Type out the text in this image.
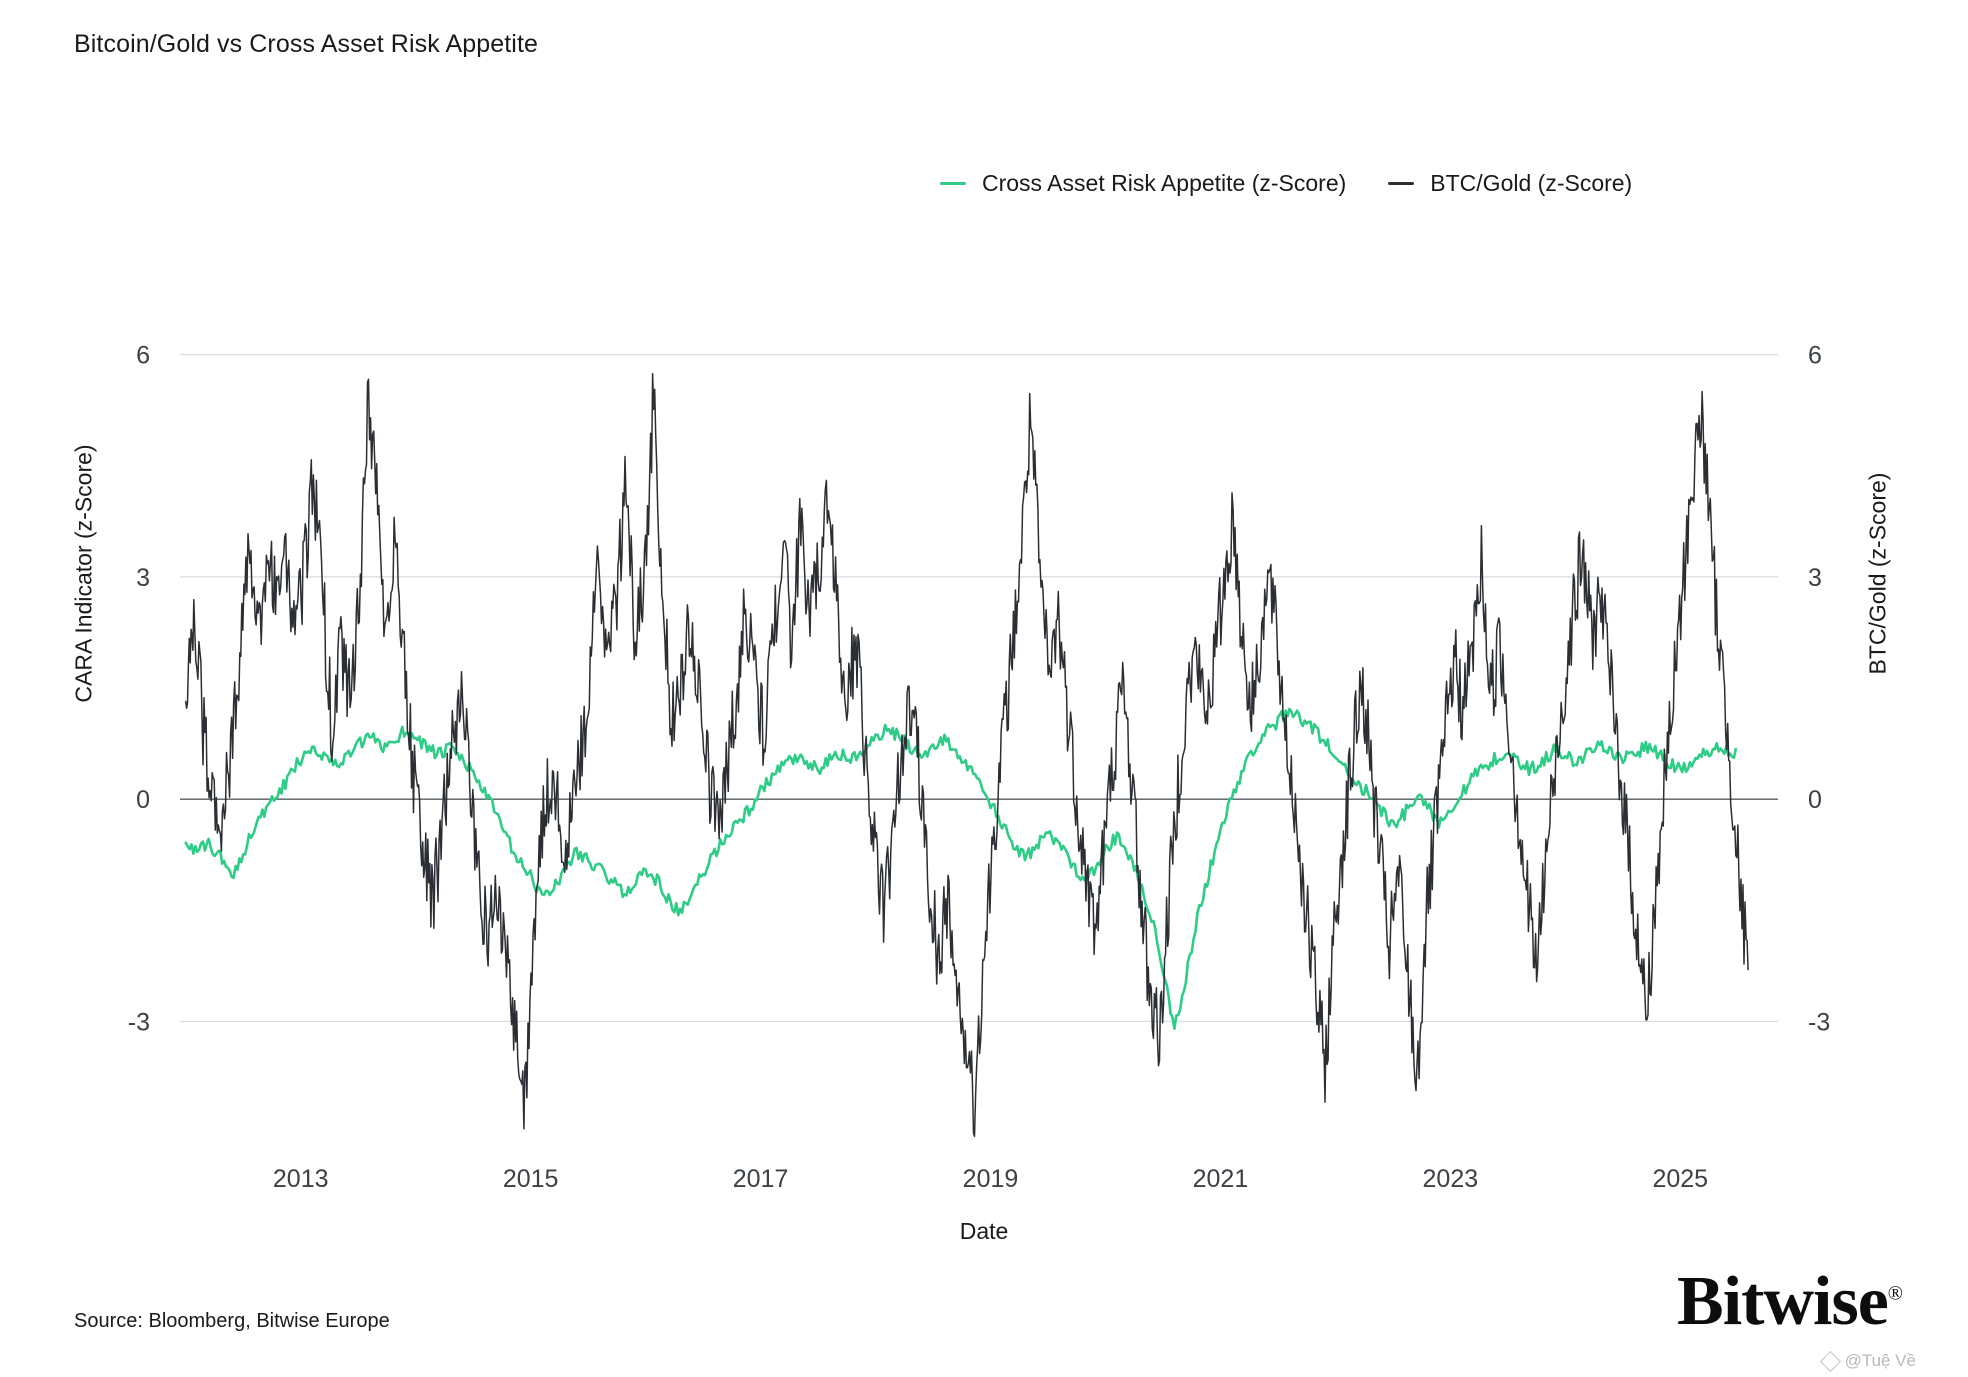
Bitcoin/Gold vs Cross Asset Risk Appetite
Cross Asset Risk Appetite (z-Score)	BTC/Gold (z-Score)
-3	-3
0	0
3	3
6	6
2013	2015	2017	2019	2021	2023	2025
CARA Indicator (z-Score)	BTC/Gold (z-Score)
Date
Source: Bloomberg, Bitwise Europe	Bitwise®
@Tuệ Về
